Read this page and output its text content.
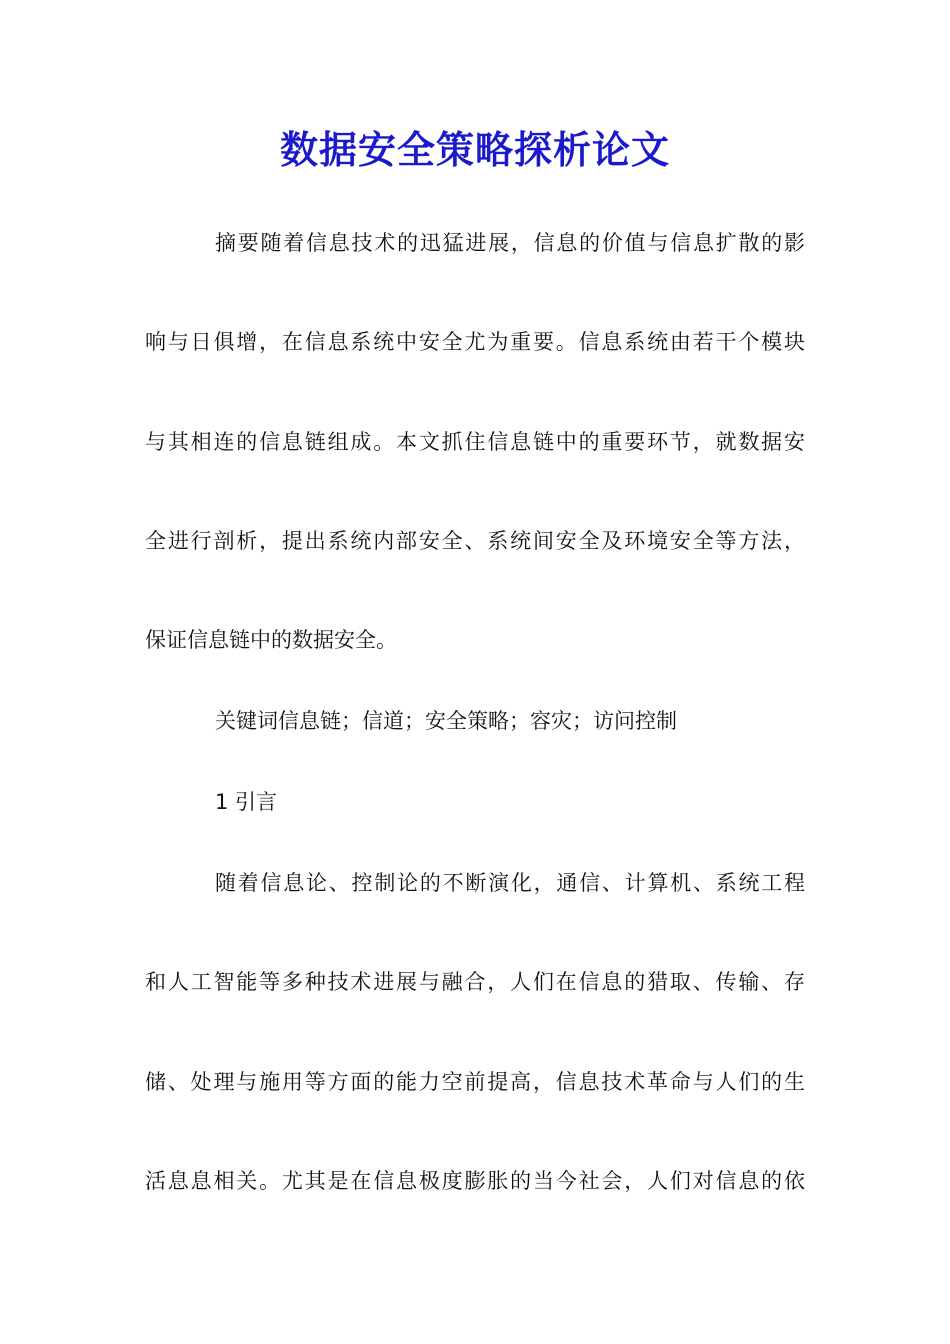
数据安全策略探析论文

摘要随着信息技术的迅猛进展，信息的价值与信息扩散的影

响与日俱增，在信息系统中安全尤为重要。信息系统由若干个模块

与其相连的信息链组成。本文抓住信息链中的重要环节，就数据安

全进行剖析，提出系统内部安全、系统间安全及环境安全等方法，

保证信息链中的数据安全。

关键词信息链；信道；安全策略；容灾；访问控制

1 引言

随着信息论、控制论的不断演化，通信、计算机、系统工程

和人工智能等多种技术进展与融合，人们在信息的猎取、传输、存

储、处理与施用等方面的能力空前提高，信息技术革命与人们的生

活息息相关。尤其是在信息极度膨胀的当今社会，人们对信息的依
